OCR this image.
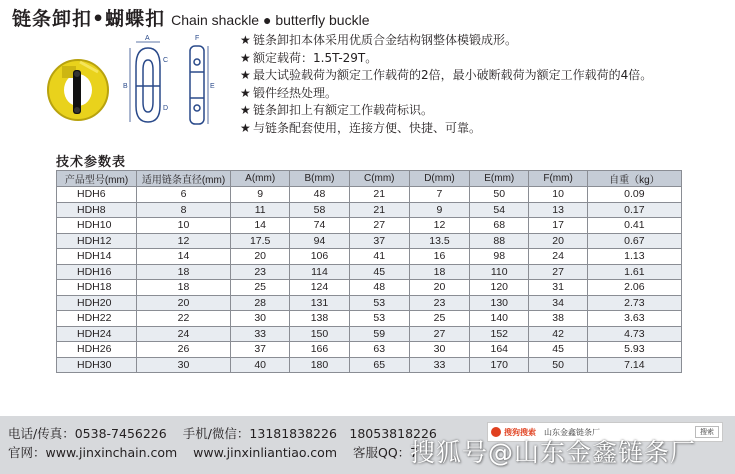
链条卸扣•蝴蝶扣 Chain shackle ● butterfly buckle
A
B
C
D
E
F	★ 链条卸扣本体采用优质合金结构钢整体模锻成形。
★ 额定载荷：1.5T-29T。
★ 最大试验载荷为额定工作载荷的2倍，最小破断载荷为额定工作载荷的4倍。
★ 锻件经热处理。
★ 链条卸扣上有额定工作载荷标识。
★ 与链条配套使用，连接方便、快捷、可靠。
技术参数表
产品型号(mm)	适用链条直径(mm)	A(mm)	B(mm)	C(mm)	D(mm)	E(mm)	F(mm)	自重（kg）
HDH6	6	9	48	21	7	50	10	0.09
HDH8	8	11	58	21	9	54	13	0.17
HDH10	10	14	74	27	12	68	17	0.41
HDH12	12	17.5	94	37	13.5	88	20	0.67
HDH14	14	20	106	41	16	98	24	1.13
HDH16	18	23	114	45	18	110	27	1.61
HDH18	18	25	124	48	20	120	31	2.06
HDH20	20	28	131	53	23	130	34	2.73
HDH22	22	30	138	53	25	140	38	3.63
HDH24	24	33	150	59	27	152	42	4.73
HDH26	26	37	166	63	30	164	45	5.93
HDH30	30	40	180	65	33	170	50	7.14
电话/传真：0538-7456226 手机/微信：13181838226　18053818226
官网：www.jinxinchain.com www.jinxinliantiao.com 客服QQ：7
搜狗搜索 山东金鑫链条厂	搜索
搜狐号@山东金鑫链条厂
